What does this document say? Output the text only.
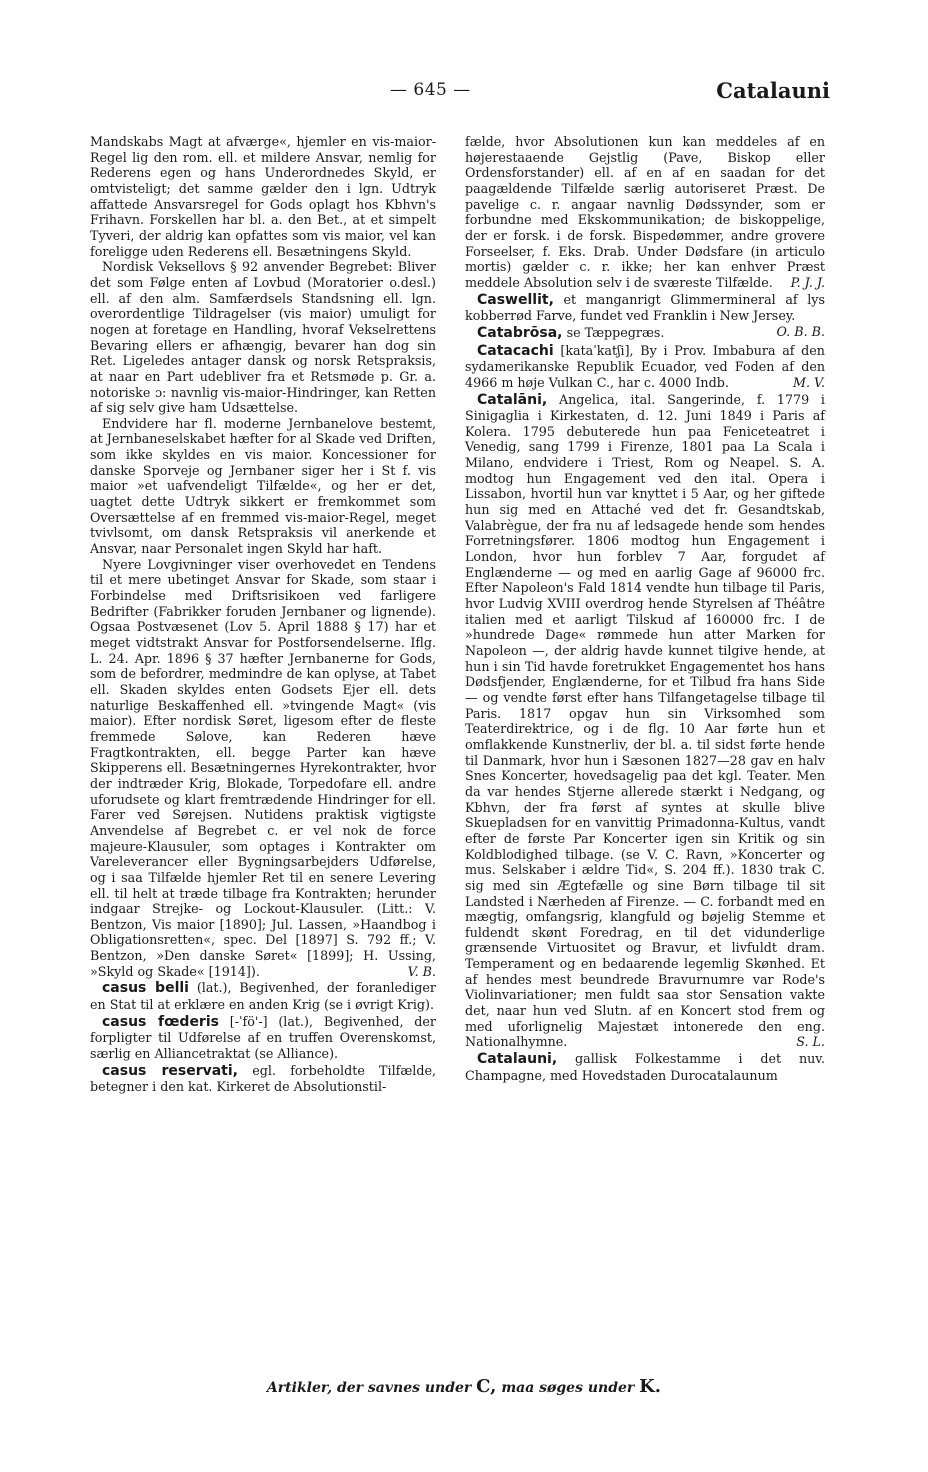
— 645 —	Catalauni

Mandskabs Magt at afværge«, hjemler en vis-maior-Regel lig den rom. ell. et mildere Ansvar, nemlig for Rederens egen og hans Underordnedes Skyld, er omtvisteligt; det samme gælder den i lgn. Udtryk affattede Ansvarsregel for Gods oplagt hos Kbhvn's Frihavn. Forskellen har bl. a. den Bet., at et simpelt Tyveri, der aldrig kan opfattes som vis maior, vel kan foreligge uden Rederens ell. Besætningens Skyld.

Nordisk Veksellovs § 92 anvender Begrebet: Bliver det som Følge enten af Lovbud (Moratorier o.desl.) ell. af den alm. Samfærdsels Standsning ell. lgn. overordentlige Tildragelser (vis maior) umuligt for nogen at foretage en Handling, hvoraf Vekselrettens Bevaring ellers er afhængig, bevarer han dog sin Ret. Ligeledes antager dansk og norsk Retspraksis, at naar en Part udebliver fra et Retsmøde p. Gr. a. notoriske ɔ: navnlig vis-maior-Hindringer, kan Retten af sig selv give ham Udsættelse.

Endvidere har fl. moderne Jernbanelove bestemt, at Jernbaneselskabet hæfter for al Skade ved Driften, som ikke skyldes en vis maior. Koncessioner for danske Sporveje og Jernbaner siger her i St f. vis maior »et uafvendeligt Tilfælde«, og her er det, uagtet dette Udtryk sikkert er fremkommet som Oversættelse af en fremmed vis-maior-Regel, meget tvivlsomt, om dansk Retspraksis vil anerkende et Ansvar, naar Personalet ingen Skyld har haft.

Nyere Lovgivninger viser overhovedet en Tendens til et mere ubetinget Ansvar for Skade, som staar i Forbindelse med Driftsrisikoen ved farligere Bedrifter (Fabrikker foruden Jernbaner og lignende). Ogsaa Postvæsenet (Lov 5. April 1888 § 17) har et meget vidtstrakt Ansvar for Postforsendelserne. Iflg. L. 24. Apr. 1896 § 37 hæfter Jernbanerne for Gods, som de befordrer, medmindre de kan oplyse, at Tabet ell. Skaden skyldes enten Godsets Ejer ell. dets naturlige Beskaffenhed ell. »tvingende Magt« (vis maior). Efter nordisk Søret, ligesom efter de fleste fremmede Sølove, kan Rederen hæve Fragtkontrakten, ell. begge Parter kan hæve Skipperens ell. Besætningernes Hyrekontrakter, hvor der indtræder Krig, Blokade, Torpedofare ell. andre uforudsete og klart fremtrædende Hindringer for ell. Farer ved Sørejsen. Nutidens praktisk vigtigste Anvendelse af Begrebet c. er vel nok de force majeure-Klausuler, som optages i Kontrakter om Vareleverancer eller Bygningsarbejders Udførelse, og i saa Tilfælde hjemler Ret til en senere Levering ell. til helt at træde tilbage fra Kontrakten; herunder indgaar Strejke- og Lockout-Klausuler. (Litt.: V. Bentzon, Vis maior [1890]; Jul. Lassen, »Haandbog i Obligationsretten«, spec. Del [1897] S. 792 ff.; V. Bentzon, »Den danske Søret« [1899]; H. Ussing, »Skyld og Skade« [1914]).	V. B.

casus belli (lat.), Begivenhed, der foranlediger en Stat til at erklære en anden Krig (se i øvrigt Krig).

casus fœderis [-ˈfö'-] (lat.), Begivenhed, der forpligter til Udførelse af en truffen Overenskomst, særlig en Alliancetraktat (se Alliance).

casus reservati, egl. forbeholdte Tilfælde, betegner i den kat. Kirkeret de Absolutionstil-

fælde, hvor Absolutionen kun kan meddeles af en højerestaaende Gejstlig (Pave, Biskop eller Ordensforstander) ell. af en af en saadan for det paagældende Tilfælde særlig autoriseret Præst. De pavelige c. r. angaar navnlig Dødssynder, som er forbundne med Ekskommunikation; de biskoppelige, der er forsk. i de forsk. Bispedømmer, andre grovere Forseelser, f. Eks. Drab. Under Dødsfare (in articulo mortis) gælder c. r. ikke; her kan enhver Præst meddele Absolution selv i de sværeste Tilfælde. P. J. J.

Caswellit, et manganrigt Glimmermineral af lys kobberrød Farve, fundet ved Franklin i New Jersey.
O. B. B.

Catabrōsa, se Tæppegræs.

Catacachi [kataˈkatʃi], By i Prov. Imbabura af den sydamerikanske Republik Ecuador, ved Foden af den 4966 m høje Vulkan C., har c. 4000 Indb.	M. V.

Catalāni, Angelica, ital. Sangerinde, f. 1779 i Sinigaglia i Kirkestaten, d. 12. Juni 1849 i Paris af Kolera. 1795 debuterede hun paa Feniceteatret i Venedig, sang 1799 i Firenze, 1801 paa La Scala i Milano, endvidere i Triest, Rom og Neapel. S. A. modtog hun Engagement ved den ital. Opera i Lissabon, hvortil hun var knyttet i 5 Aar, og her giftede hun sig med en Attaché ved det fr. Gesandtskab, Valabrègue, der fra nu af ledsagede hende som hendes Forretningsfører. 1806 modtog hun Engagement i London, hvor hun forblev 7 Aar, forgudet af Englænderne — og med en aarlig Gage af 96000 frc. Efter Napoleon's Fald 1814 vendte hun tilbage til Paris, hvor Ludvig XVIII overdrog hende Styrelsen af Théâtre italien med et aarligt Tilskud af 160000 frc. I de »hundrede Dage« rømmede hun atter Marken for Napoleon —, der aldrig havde kunnet tilgive hende, at hun i sin Tid havde foretrukket Engagementet hos hans Dødsfjender, Englænderne, for et Tilbud fra hans Side — og vendte først efter hans Tilfangetagelse tilbage til Paris. 1817 opgav hun sin Virksomhed som Teaterdirektrice, og i de flg. 10 Aar førte hun et omflakkende Kunstnerliv, der bl. a. til sidst førte hende til Danmark, hvor hun i Sæsonen 1827—28 gav en halv Snes Koncerter, hovedsagelig paa det kgl. Teater. Men da var hendes Stjerne allerede stærkt i Nedgang, og Kbhvn, der fra først af syntes at skulle blive Skuepladsen for en vanvittig Primadonna-Kultus, vandt efter de første Par Koncerter igen sin Kritik og sin Koldblodighed tilbage. (se V. C. Ravn, »Koncerter og mus. Selskaber i ældre Tid«, S. 204 ff.). 1830 trak C. sig med sin Ægtefælle og sine Børn tilbage til sit Landsted i Nærheden af Firenze. — C. forbandt med en mægtig, omfangsrig, klangfuld og bøjelig Stemme et fuldendt skønt Foredrag, en til det vidunderlige grænsende Virtuositet og Bravur, et livfuldt dram. Temperament og en bedaarende legemlig Skønhed. Et af hendes mest beundrede Bravurnumre var Rode's Violinvariationer; men fuldt saa stor Sensation vakte det, naar hun ved Slutn. af en Koncert stod frem og med uforlignelig Majestæt intonerede den eng. Nationalhymne.	S. L.

Catalauni, gallisk Folkestamme i det nuv. Champagne, med Hovedstaden Durocatalaunum

Artikler, der savnes under C, maa søges under K.
